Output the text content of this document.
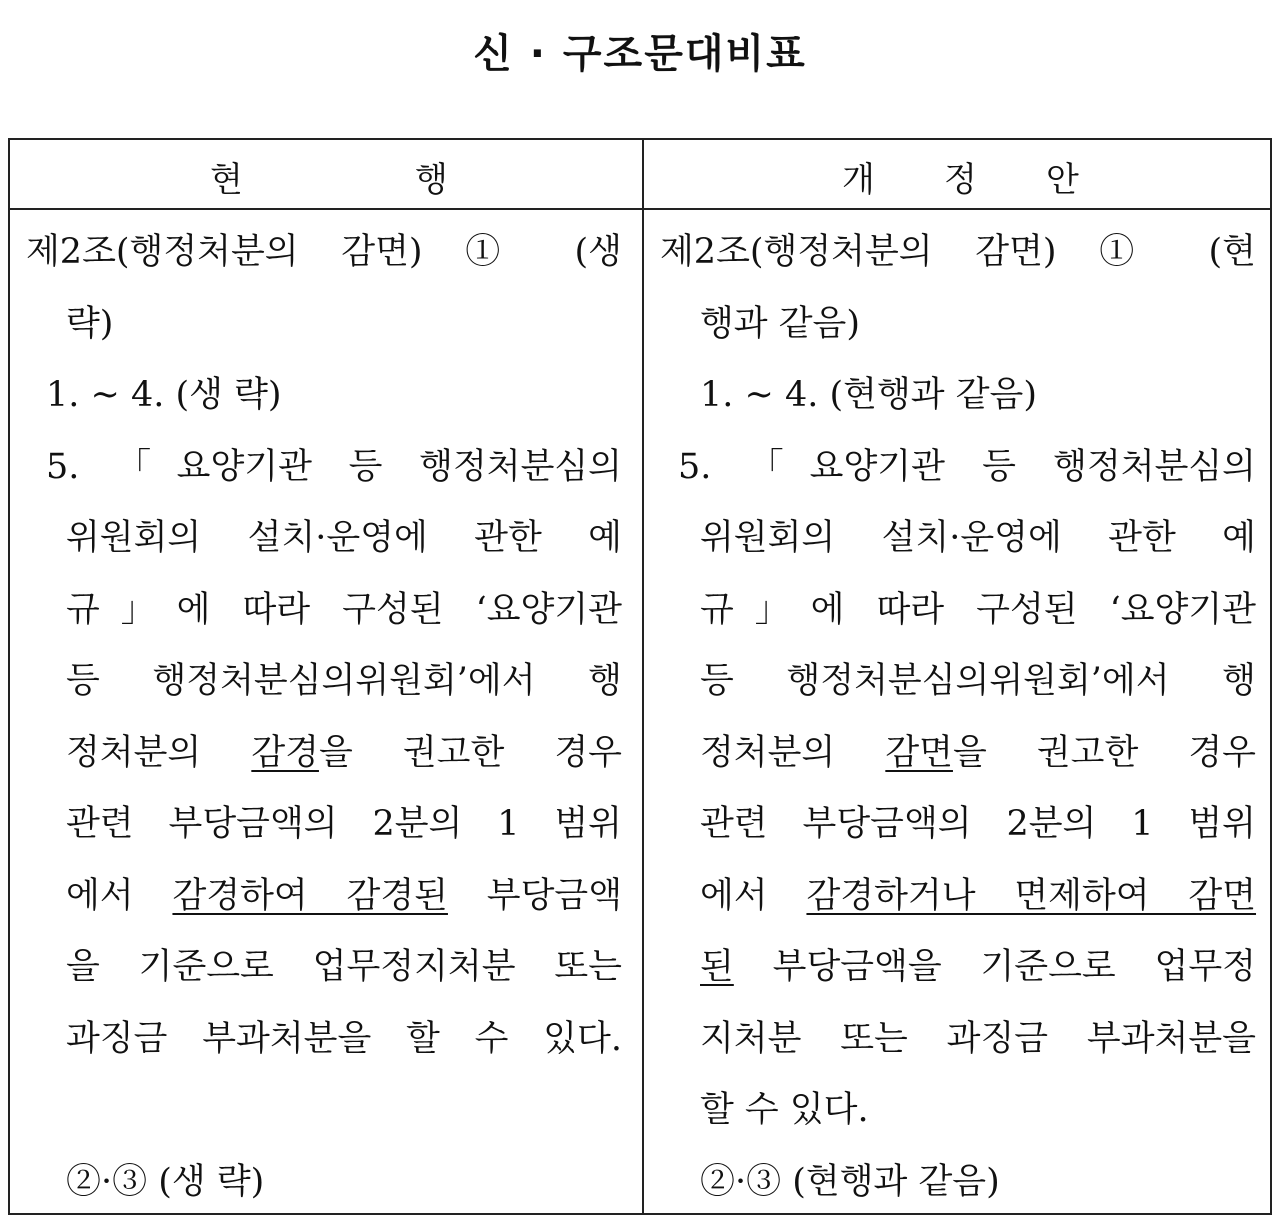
신 · 구조문대비표
현	행	개 정 안
제2조(행정처분의 감면) ① (생
략)
1. ~ 4. (생 략)
5. 「요양기관 등 행정처분심의
위원회의 설치·운영에 관한 예
규」에 따라 구성된 ‘요양기관
등 행정처분심의위원회’에서 행
정처분의 감경을 권고한 경우
관련 부당금액의 2분의 1 범위
에서 감경하여 감경된 부당금액
을 기준으로 업무정지처분 또는
과징금 부과처분을 할 수 있다.
②·③ (생 략)
제2조(행정처분의 감면) ① (현
행과 같음)
1. ~ 4. (현행과 같음)
5. 「요양기관 등 행정처분심의
위원회의 설치·운영에 관한 예
규」에 따라 구성된 ‘요양기관
등 행정처분심의위원회’에서 행
정처분의 감면을 권고한 경우
관련 부당금액의 2분의 1 범위
에서 감경하거나 면제하여 감면
된 부당금액을 기준으로 업무정
지처분 또는 과징금 부과처분을
할 수 있다.
②·③ (현행과 같음)
